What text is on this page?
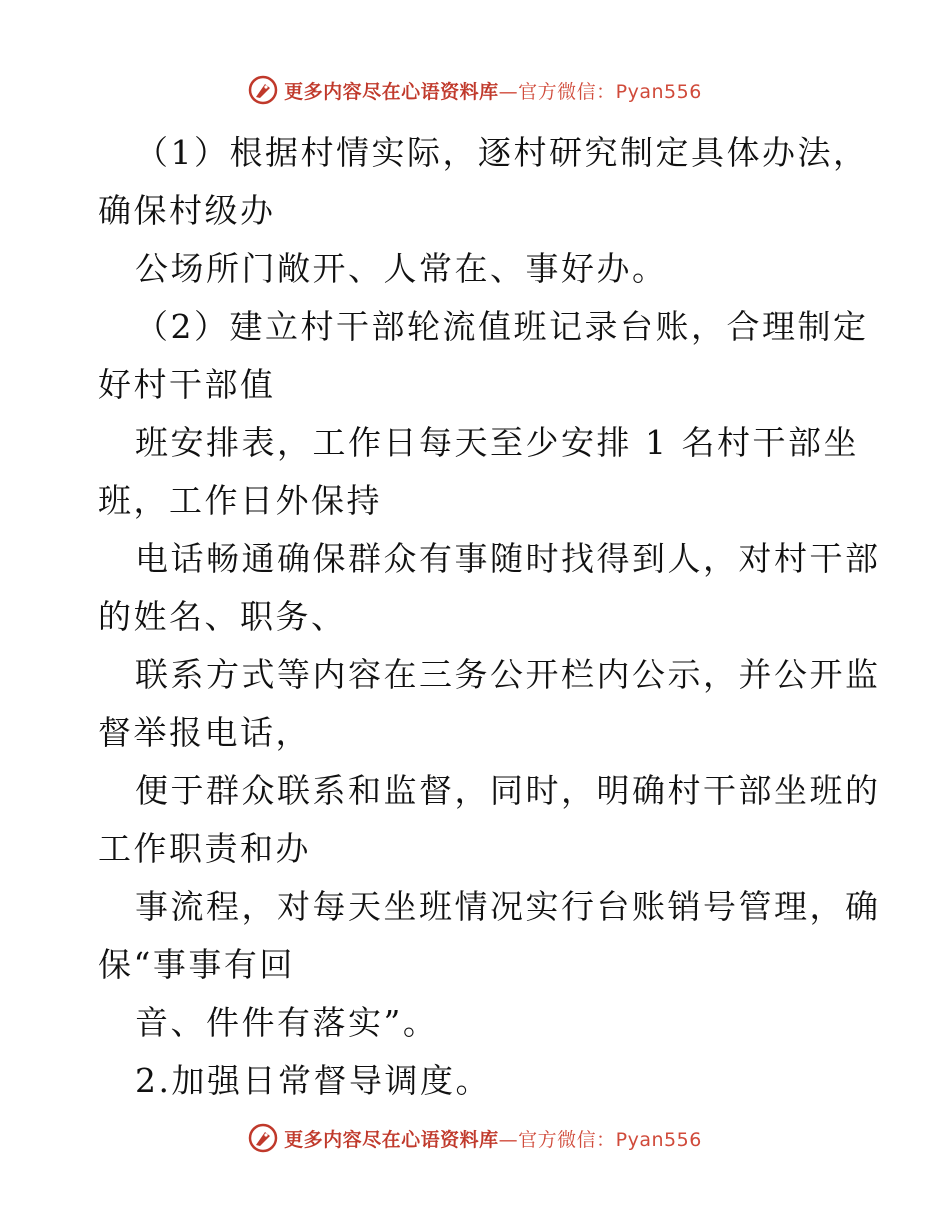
更多内容尽在心语资料库 —官方微信：Pyan556
（1）根据村情实际，逐村研究制定具体办法，
确保村级办
公场所门敞开、人常在、事好办。
（2）建立村干部轮流值班记录台账，合理制定
好村干部值
班安排表，工作日每天至少安排 1 名村干部坐
班，工作日外保持
电话畅通确保群众有事随时找得到人，对村干部
的姓名、职务、
联系方式等内容在三务公开栏内公示，并公开监
督举报电话，
便于群众联系和监督，同时，明确村干部坐班的
工作职责和办
事流程，对每天坐班情况实行台账销号管理，确
保“事事有回
音、件件有落实”。
2.加强日常督导调度。
更多内容尽在心语资料库 —官方微信：Pyan556
